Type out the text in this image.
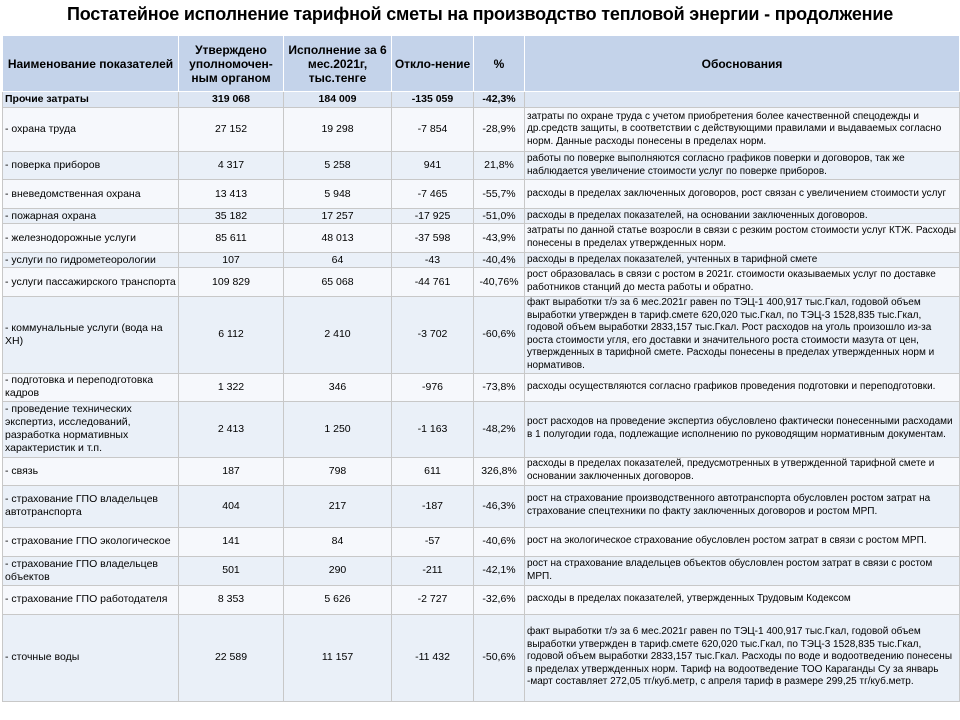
Постатейное исполнение тарифной сметы на производство тепловой энергии - продолжение
Наименование показателей	Утверждено уполномочен-ным органом	Исполнение за 6 мес.2021г, тыс.тенге	Откло-нение	%	Обоснования
Прочие затраты	319 068	184 009	-135 059	-42,3%	
- охрана труда	27 152	19 298	-7 854	-28,9%	затраты по охране труда с учетом приобретения более качественной спецодежды и др.средств защиты, в соответствии с действующими правилами и выдаваемых согласно норм. Данные расходы понесены в пределах норм.
- поверка приборов	4 317	5 258	941	21,8%	работы по поверке выполняются согласно графиков поверки и договоров, так же наблюдается увеличение стоимости услуг по поверке приборов.
- вневедомственная охрана	13 413	5 948	-7 465	-55,7%	расходы в пределах заключенных договоров, рост связан с увеличением стоимости услуг
- пожарная охрана	35 182	17 257	-17 925	-51,0%	расходы в пределах показателей, на основании заключенных договоров.
- железнодорожные услуги	85 611	48 013	-37 598	-43,9%	затраты по данной статье возросли в связи с резким ростом стоимости услуг КТЖ. Расходы понесены в пределах утвержденных норм.
- услуги по гидрометеорологии	107	64	-43	-40,4%	расходы в пределах показателей, учтенных в тарифной смете
- услуги пассажирского транспорта	109 829	65 068	-44 761	-40,76%	рост образовалась в связи с ростом в 2021г. стоимости оказываемых услуг по доставке работников станций до места работы и обратно.
- коммунальные услуги (вода на ХН)	6 112	2 410	-3 702	-60,6%	факт выработки т/э за 6 мес.2021г равен по ТЭЦ-1 400,917 тыс.Гкал, годовой объем выработки утвержден в тариф.смете 620,020 тыс.Гкал, по ТЭЦ-3 1528,835 тыс.Гкал, годовой объем выработки 2833,157 тыс.Гкал. Рост расходов на уголь произошло из-за роста стоимости угля, его доставки и значительного роста стоимости мазута от цен, утвержденных в тарифной смете. Расходы понесены в пределах утвержденных норм и нормативов.
- подготовка и переподготовка кадров	1 322	346	-976	-73,8%	расходы осуществляются согласно графиков проведения подготовки и переподготовки.
- проведение технических экспертиз, исследований, разработка нормативных характеристик и т.п.	2 413	1 250	-1 163	-48,2%	рост расходов на проведение экспертиз обусловлено фактически понесенными расходами в 1 полугодии года, подлежащие исполнению по руководящим нормативным документам.
- связь	187	798	611	326,8%	расходы в пределах показателей, предусмотренных в утвержденной тарифной смете и основании заключенных договоров.
- страхование ГПО владельцев автотранспорта	404	217	-187	-46,3%	рост на страхование производственного автотранспорта обусловлен ростом затрат на страхование спецтехники по факту заключенных договоров и ростом МРП.
- страхование ГПО экологическое	141	84	-57	-40,6%	рост на экологическое страхование обусловлен ростом затрат в связи с ростом МРП.
- страхование ГПО владельцев объектов	501	290	-211	-42,1%	рост на страхование владельцев объектов обусловлен ростом затрат в связи с ростом МРП.
- страхование ГПО работодателя	8 353	5 626	-2 727	-32,6%	расходы в пределах показателей, утвержденных Трудовым Кодексом
- сточные воды	22 589	11 157	-11 432	-50,6%	факт выработки т/э за 6 мес.2021г равен по ТЭЦ-1 400,917 тыс.Гкал, годовой объем выработки утвержден в тариф.смете 620,020 тыс.Гкал, по ТЭЦ-3 1528,835 тыс.Гкал, годовой объем выработки 2833,157 тыс.Гкал. Расходы по воде и водоотведению понесены в пределах утвержденных норм. Тариф на водоотведение ТОО Караганды Су за январь -март составляет 272,05 тг/куб.метр, с апреля тариф в размере 299,25 тг/куб.метр.
